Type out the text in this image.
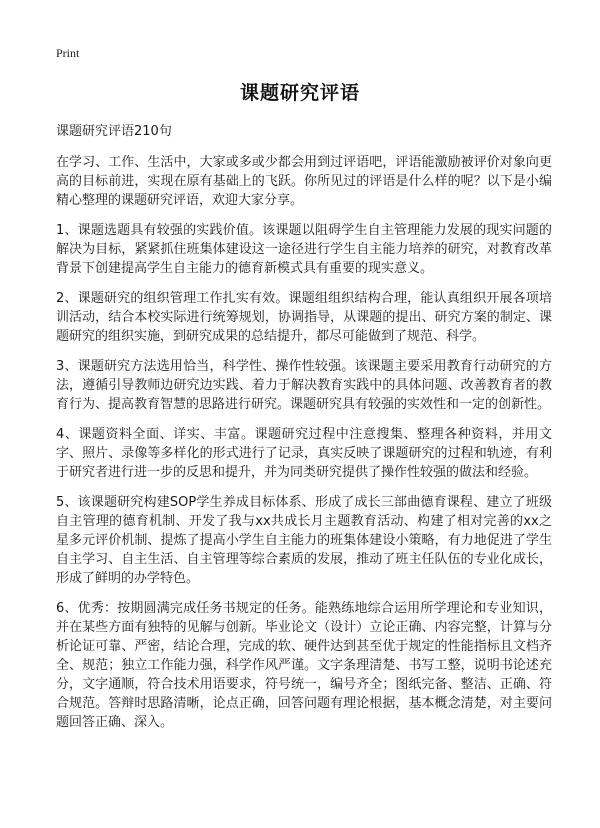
Print
课题研究评语
课题研究评语210句
在学习、工作、生活中，大家或多或少都会用到过评语吧，评语能激励被评价对象向更高的目标前进，实现在原有基础上的飞跃。你所见过的评语是什么样的呢？以下是小编精心整理的课题研究评语，欢迎大家分享。
1、课题选题具有较强的实践价值。该课题以阻碍学生自主管理能力发展的现实问题的解决为目标，紧紧抓住班集体建设这一途径进行学生自主能力培养的研究，对教育改革背景下创建提高学生自主能力的德育新模式具有重要的现实意义。
2、课题研究的组织管理工作扎实有效。课题组组织结构合理，能认真组织开展各项培训活动，结合本校实际进行统筹规划，协调指导，从课题的提出、研究方案的制定、课题研究的组织实施，到研究成果的总结提升，都尽可能做到了规范、科学。
3、课题研究方法选用恰当，科学性、操作性较强。该课题主要采用教育行动研究的方法，遵循引导教师边研究边实践、着力于解决教育实践中的具体问题、改善教育者的教育行为、提高教育智慧的思路进行研究。课题研究具有较强的实效性和一定的创新性。
4、课题资料全面、详实、丰富。课题研究过程中注意搜集、整理各种资料，并用文字、照片、录像等多样化的形式进行了记录，真实反映了课题研究的过程和轨迹，有利于研究者进行进一步的反思和提升，并为同类研究提供了操作性较强的做法和经验。
5、该课题研究构建SOP学生养成目标体系、形成了成长三部曲德育课程、建立了班级自主管理的德育机制、开发了我与xx共成长月主题教育活动、构建了相对完善的xx之星多元评价机制、提炼了提高小学生自主能力的班集体建设小策略，有力地促进了学生自主学习、自主生活、自主管理等综合素质的发展，推动了班主任队伍的专业化成长，形成了鲜明的办学特色。
6、优秀：按期圆满完成任务书规定的任务。能熟练地综合运用所学理论和专业知识，并在某些方面有独特的见解与创新。毕业论文（设计）立论正确、内容完整，计算与分析论证可靠、严密，结论合理，完成的软、硬件达到甚至优于规定的性能指标且文档齐全、规范；独立工作能力强，科学作风严谨。文字条理清楚、书写工整，说明书论述充分，文字通顺，符合技术用语要求，符号统一，编号齐全；图纸完备、整洁、正确、符合规范。答辩时思路清晰，论点正确，回答问题有理论根据，基本概念清楚，对主要问题回答正确、深入。
